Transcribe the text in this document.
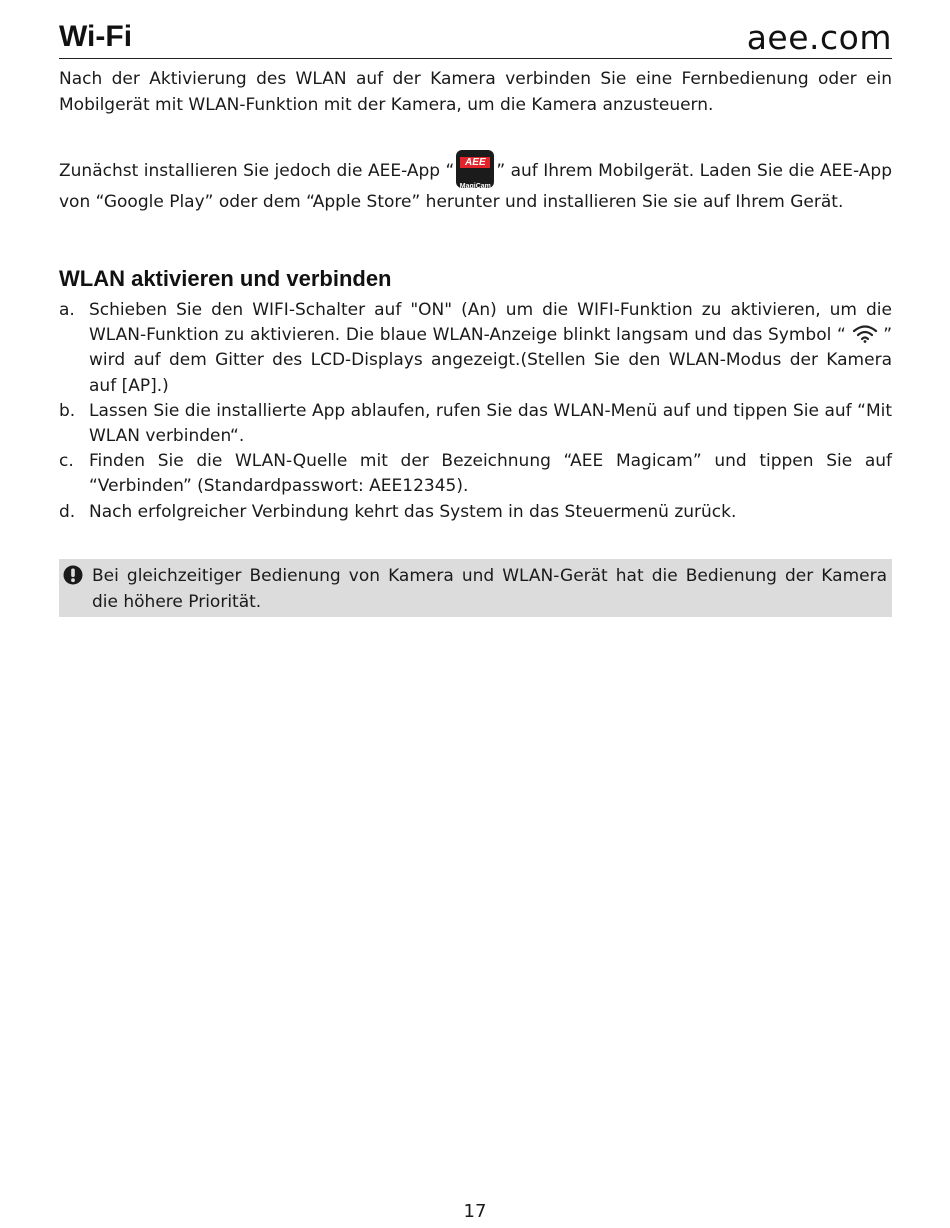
Wi-Fi	aee.com

Nach der Aktivierung des WLAN auf der Kamera verbinden Sie eine Fernbedienung oder ein Mobilgerät mit WLAN-Funktion mit der Kamera, um die Kamera anzusteuern.

Zunächst installieren Sie jedoch die AEE-App “	AEE
MagiCam
” auf Ihrem Mobilgerät. Laden Sie die AEE-App von “Google Play” oder dem “Apple Store” herunter und installieren Sie sie auf Ihrem Gerät.

WLAN aktivieren und verbinden
a. Schieben Sie den WIFI-Schalter auf "ON" (An) um die WIFI-Funktion zu aktivieren, um die WLAN-Funktion zu aktivieren. Die blaue WLAN-Anzeige blinkt langsam und das Symbol “ ” wird auf dem Gitter des LCD-Displays angezeigt.(Stellen Sie den WLAN-Modus der Kamera auf [AP].)
b. Lassen Sie die installierte App ablaufen, rufen Sie das WLAN-Menü auf und tippen Sie auf “Mit WLAN verbinden“.
c. Finden Sie die WLAN-Quelle mit der Bezeichnung “AEE Magicam” und tippen Sie auf “Verbinden” (Standardpasswort: AEE12345).
d. Nach erfolgreicher Verbindung kehrt das System in das Steuermenü zurück.
Bei gleichzeitiger Bedienung von Kamera und WLAN-Gerät hat die Bedienung der Kamera die höhere Priorität.
17
